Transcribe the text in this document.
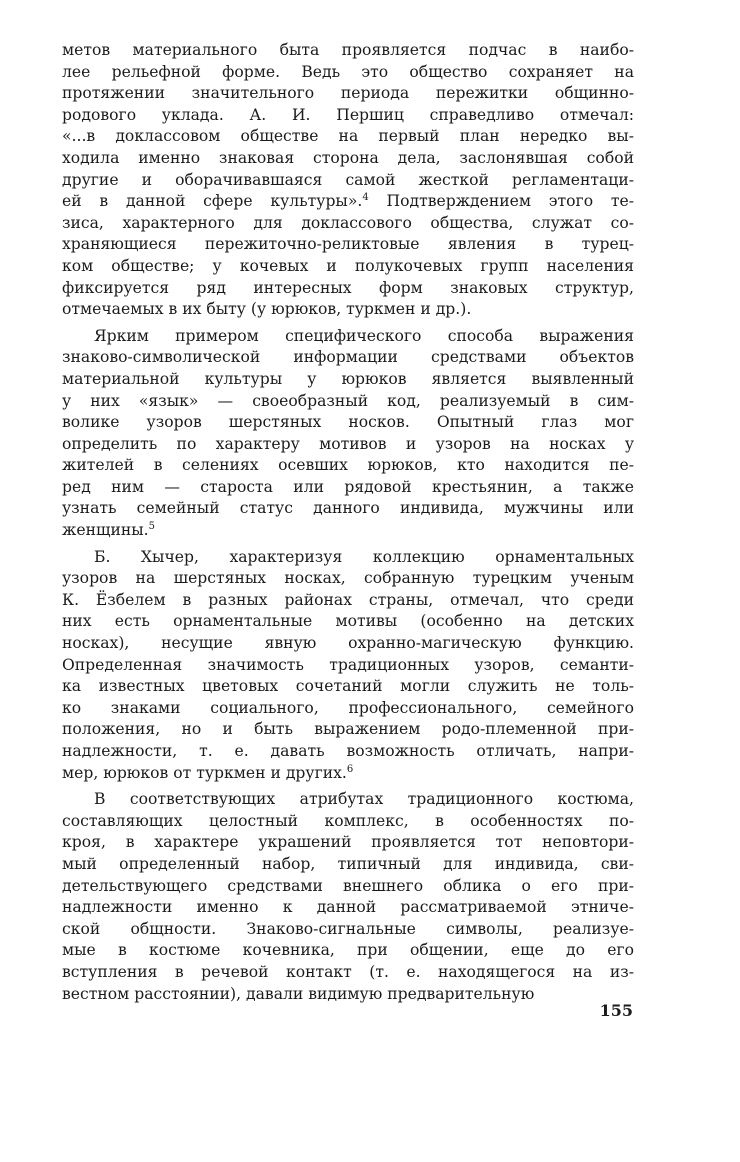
метов материального быта проявляется подчас в наибо-
лее рельефной форме. Ведь это общество сохраняет на
протяжении значительного периода пережитки общинно-
родового уклада. А. И. Першиц справедливо отмечал:
«...в доклассовом обществе на первый план нередко вы-
ходила именно знаковая сторона дела, заслонявшая собой
другие и оборачивавшаяся самой жесткой регламентаци-
ей в данной сфере культуры».$^4$ Подтверждением этого те-
зиса, характерного для доклассового общества, служат со-
храняющиеся пережиточно-реликтовые явления в турец-
ком обществе; у кочевых и полукочевых групп населения
фиксируется ряд интересных форм знаковых структур,
отмечаемых в их быту (у юрюков, туркмен и др.).
Ярким примером специфического способа выражения
знаково-символической информации средствами объектов
материальной культуры у юрюков является выявленный
у них «язык» — своеобразный код, реализуемый в сим-
волике узоров шерстяных носков. Опытный глаз мог
определить по характеру мотивов и узоров на носках у
жителей в селениях осевших юрюков, кто находится пе-
ред ним — староста или рядовой крестьянин, а также
узнать семейный статус данного индивида, мужчины или
женщины.$^5$
Б. Хычер, характеризуя коллекцию орнаментальных
узоров на шерстяных носках, собранную турецким ученым
К. Ёзбелем в разных районах страны, отмечал, что среди
них есть орнаментальные мотивы (особенно на детских
носках), несущие явную охранно-магическую функцию.
Определенная значимость традиционных узоров, семанти-
ка известных цветовых сочетаний могли служить не толь-
ко знаками социального, профессионального, семейного
положения, но и быть выражением родо-племенной при-
надлежности, т. е. давать возможность отличать, напри-
мер, юрюков от туркмен и других.$^6$
В соответствующих атрибутах традиционного костюма,
составляющих целостный комплекс, в особенностях по-
кроя, в характере украшений проявляется тот неповтори-
мый определенный набор, типичный для индивида, сви-
детельствующего средствами внешнего облика о его при-
надлежности именно к данной рассматриваемой этниче-
ской общности. Знаково-сигнальные символы, реализуе-
мые в костюме кочевника, при общении, еще до его
вступления в речевой контакт (т. е. находящегося на из-
вестном расстоянии), давали видимую предварительную
155
